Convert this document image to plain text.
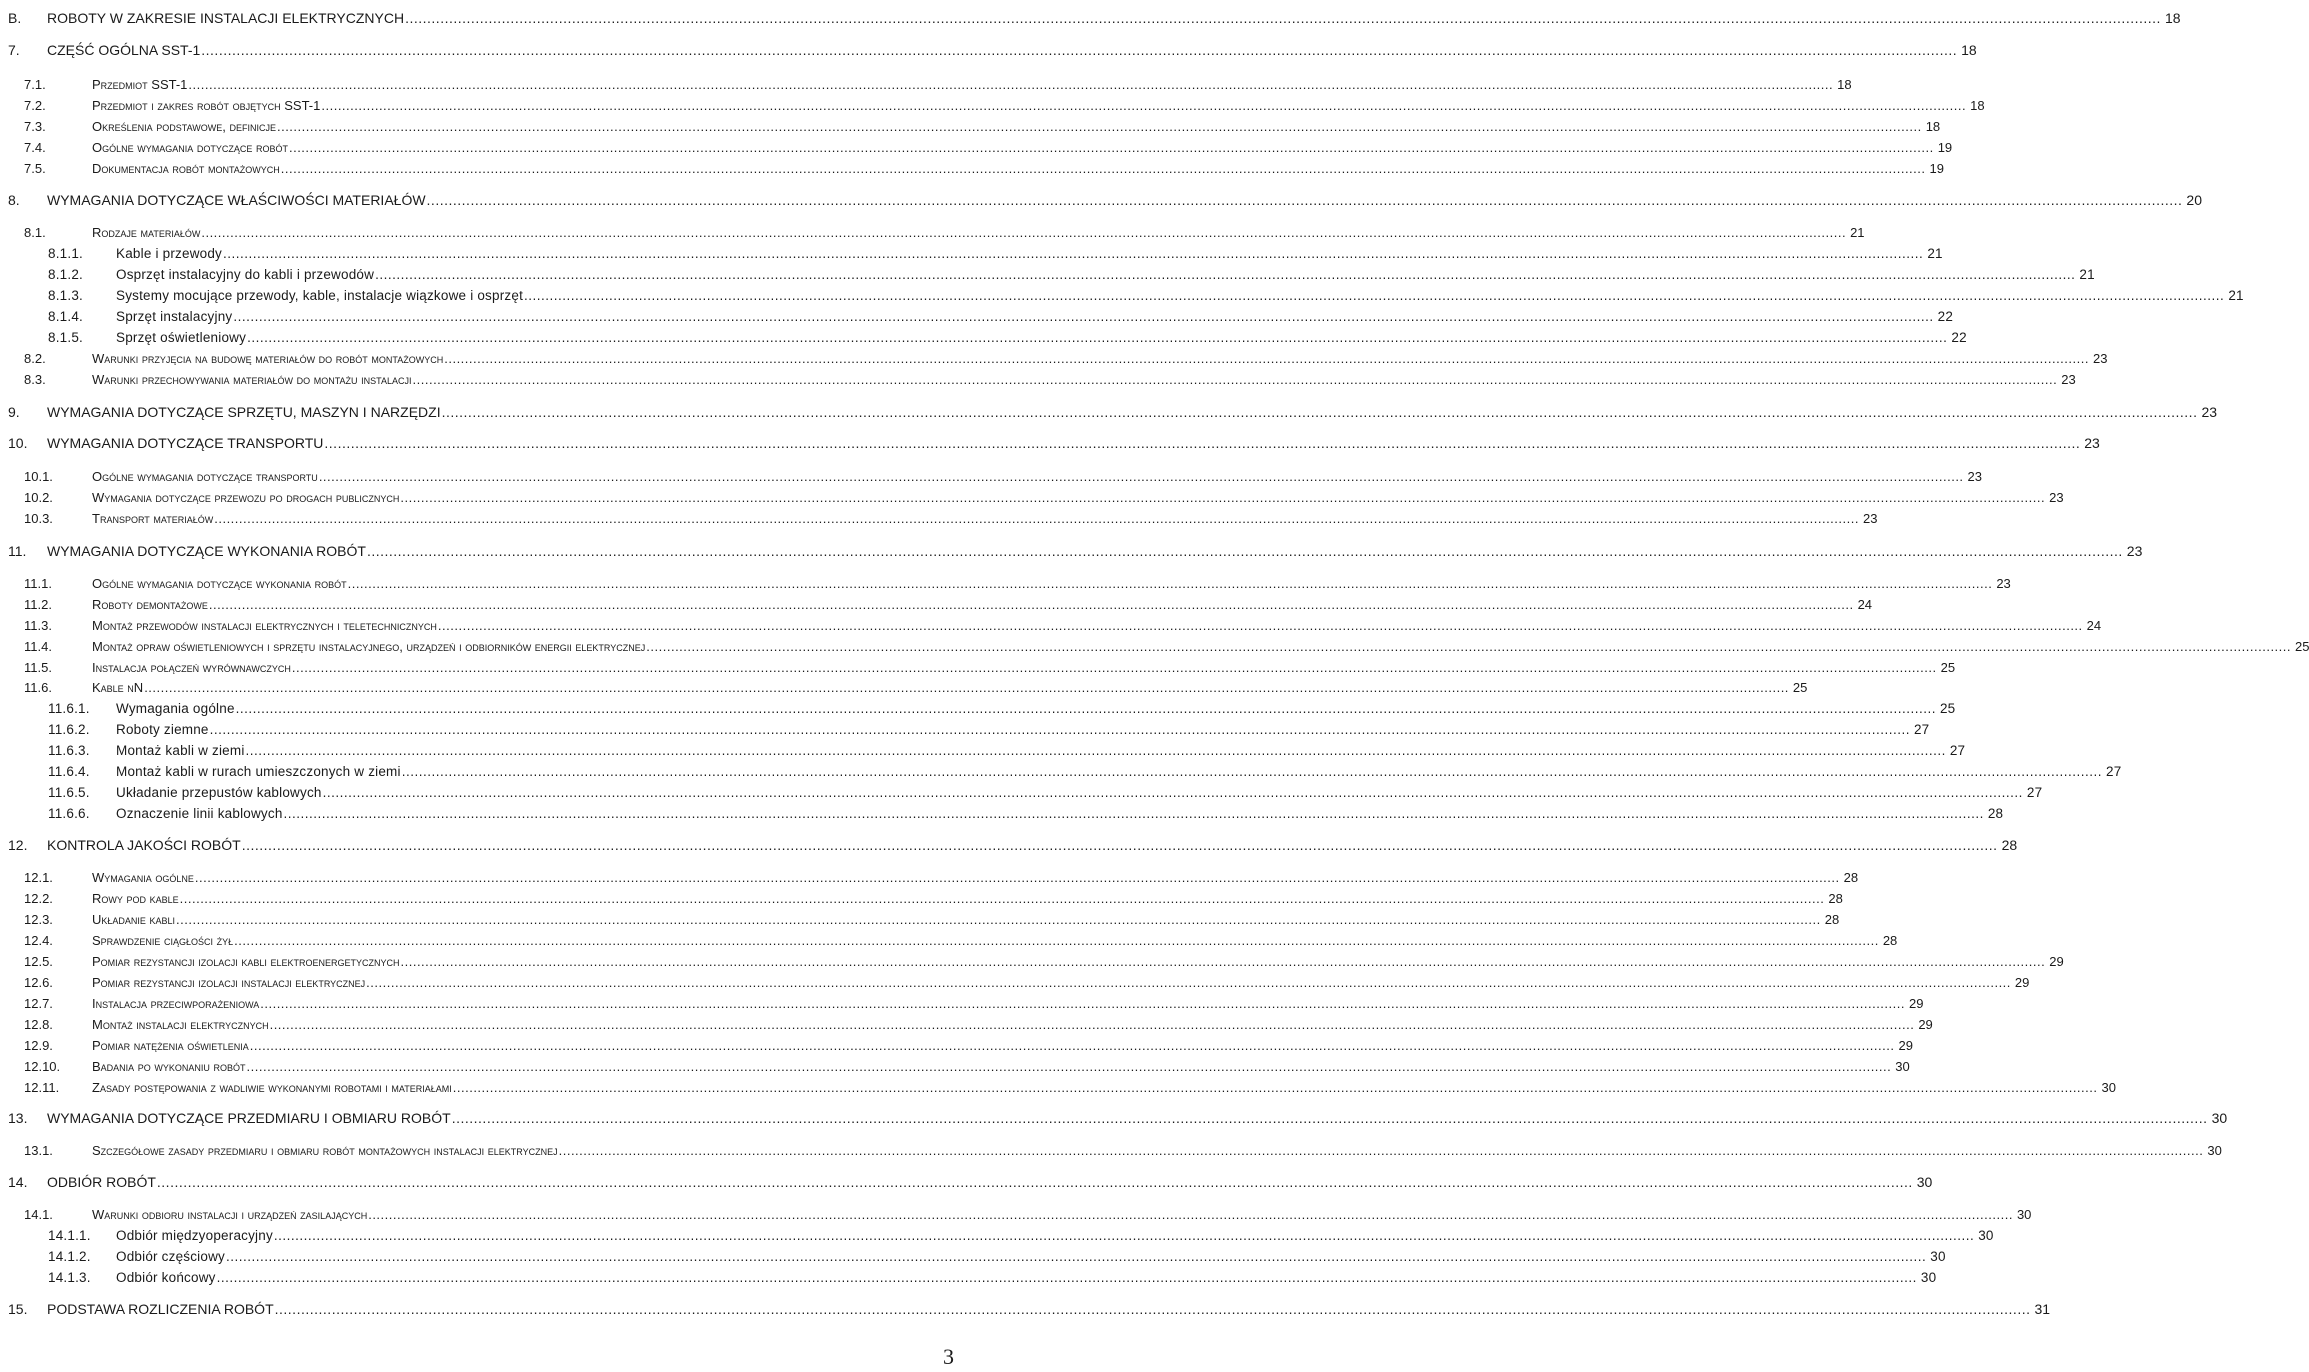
B. ROBOTY W ZAKRESIE INSTALACJI ELEKTRYCZNYCH ................................................................................................................................................................................................................................................................................................................................................................................................................ 18
7. CZĘŚĆ OGÓLNA SST-1 ................................................................................................................................................................................................................................................................................................................................................................................................................ 18
7.1.	Przedmiot SST-1 ................................................................................................................................................................................................................................................................................................................................................................................................................ 18
7.2.	Przedmiot i zakres robót objętych SST-1 ................................................................................................................................................................................................................................................................................................................................................................................................................ 18
7.3.	Określenia podstawowe, definicje ................................................................................................................................................................................................................................................................................................................................................................................................................ 18
7.4.	Ogólne wymagania dotyczące robót ................................................................................................................................................................................................................................................................................................................................................................................................................ 19
7.5.	Dokumentacja robót montażowych ................................................................................................................................................................................................................................................................................................................................................................................................................ 19
8. WYMAGANIA DOTYCZĄCE WŁAŚCIWOŚCI MATERIAŁÓW ................................................................................................................................................................................................................................................................................................................................................................................................................ 20
8.1.	Rodzaje materiałów ................................................................................................................................................................................................................................................................................................................................................................................................................ 21
8.1.1. Kable i przewody ................................................................................................................................................................................................................................................................................................................................................................................................................ 21
8.1.2. Osprzęt instalacyjny do kabli i przewodów ................................................................................................................................................................................................................................................................................................................................................................................................................ 21
8.1.3. Systemy mocujące przewody, kable, instalacje wiązkowe i osprzęt ................................................................................................................................................................................................................................................................................................................................................................................................................ 21
8.1.4. Sprzęt instalacyjny ................................................................................................................................................................................................................................................................................................................................................................................................................ 22
8.1.5. Sprzęt oświetleniowy ................................................................................................................................................................................................................................................................................................................................................................................................................ 22
8.2.	Warunki przyjęcia na budowę materiałów do robót montażowych ................................................................................................................................................................................................................................................................................................................................................................................................................ 23
8.3.	Warunki przechowywania materiałów do montażu instalacji ................................................................................................................................................................................................................................................................................................................................................................................................................ 23
9. WYMAGANIA DOTYCZĄCE SPRZĘTU, MASZYN I NARZĘDZI ................................................................................................................................................................................................................................................................................................................................................................................................................ 23
10. WYMAGANIA DOTYCZĄCE TRANSPORTU ................................................................................................................................................................................................................................................................................................................................................................................................................ 23
10.1.	Ogólne wymagania dotyczące transportu ................................................................................................................................................................................................................................................................................................................................................................................................................ 23
10.2.	Wymagania dotyczące przewozu po drogach publicznych ................................................................................................................................................................................................................................................................................................................................................................................................................ 23
10.3.	Transport materiałów ................................................................................................................................................................................................................................................................................................................................................................................................................ 23
11. WYMAGANIA DOTYCZĄCE WYKONANIA ROBÓT ................................................................................................................................................................................................................................................................................................................................................................................................................ 23
11.1.	Ogólne wymagania dotyczące wykonania robót ................................................................................................................................................................................................................................................................................................................................................................................................................ 23
11.2.	Roboty demontażowe ................................................................................................................................................................................................................................................................................................................................................................................................................ 24
11.3.	Montaż przewodów instalacji elektrycznych i teletechnicznych ................................................................................................................................................................................................................................................................................................................................................................................................................ 24
11.4.	Montaż opraw oświetleniowych i sprzętu instalacyjnego, urządzeń i odbiorników energii elektrycznej ................................................................................................................................................................................................................................................................................................................................................................................................................ 25
11.5.	Instalacja połączeń wyrównawczych ................................................................................................................................................................................................................................................................................................................................................................................................................ 25
11.6.	Kable nN ................................................................................................................................................................................................................................................................................................................................................................................................................ 25
11.6.1. Wymagania ogólne ................................................................................................................................................................................................................................................................................................................................................................................................................ 25
11.6.2. Roboty ziemne ................................................................................................................................................................................................................................................................................................................................................................................................................ 27
11.6.3. Montaż kabli w ziemi ................................................................................................................................................................................................................................................................................................................................................................................................................ 27
11.6.4. Montaż kabli w rurach umieszczonych w ziemi ................................................................................................................................................................................................................................................................................................................................................................................................................ 27
11.6.5. Układanie przepustów kablowych ................................................................................................................................................................................................................................................................................................................................................................................................................ 27
11.6.6. Oznaczenie linii kablowych ................................................................................................................................................................................................................................................................................................................................................................................................................ 28
12. KONTROLA JAKOŚCI ROBÓT ................................................................................................................................................................................................................................................................................................................................................................................................................ 28
12.1.	Wymagania ogólne ................................................................................................................................................................................................................................................................................................................................................................................................................ 28
12.2.	Rowy pod kable ................................................................................................................................................................................................................................................................................................................................................................................................................ 28
12.3.	Układanie kabli ................................................................................................................................................................................................................................................................................................................................................................................................................ 28
12.4.	Sprawdzenie ciągłości żył ................................................................................................................................................................................................................................................................................................................................................................................................................ 28
12.5.	Pomiar rezystancji izolacji kabli elektroenergetycznych ................................................................................................................................................................................................................................................................................................................................................................................................................ 29
12.6.	Pomiar rezystancji izolacji instalacji elektrycznej ................................................................................................................................................................................................................................................................................................................................................................................................................ 29
12.7.	Instalacja przeciwporażeniowa ................................................................................................................................................................................................................................................................................................................................................................................................................ 29
12.8.	Montaż instalacji elektrycznych ................................................................................................................................................................................................................................................................................................................................................................................................................ 29
12.9.	Pomiar natężenia oświetlenia ................................................................................................................................................................................................................................................................................................................................................................................................................ 29
12.10. Badania po wykonaniu robót ................................................................................................................................................................................................................................................................................................................................................................................................................ 30
12.11.	Zasady postępowania z wadliwie wykonanymi robotami i materiałami ................................................................................................................................................................................................................................................................................................................................................................................................................ 30
13. WYMAGANIA DOTYCZĄCE PRZEDMIARU I OBMIARU ROBÓT ................................................................................................................................................................................................................................................................................................................................................................................................................ 30
13.1.	Szczegółowe zasady przedmiaru i obmiaru robót montażowych instalacji elektrycznej ................................................................................................................................................................................................................................................................................................................................................................................................................ 30
14. ODBIÓR ROBÓT ................................................................................................................................................................................................................................................................................................................................................................................................................ 30
14.1.	Warunki odbioru instalacji i urządzeń zasilających ................................................................................................................................................................................................................................................................................................................................................................................................................ 30
14.1.1. Odbiór międzyoperacyjny ................................................................................................................................................................................................................................................................................................................................................................................................................ 30
14.1.2. Odbiór częściowy ................................................................................................................................................................................................................................................................................................................................................................................................................ 30
14.1.3. Odbiór końcowy ................................................................................................................................................................................................................................................................................................................................................................................................................ 30
15. PODSTAWA ROZLICZENIA ROBÓT ................................................................................................................................................................................................................................................................................................................................................................................................................ 31
3
